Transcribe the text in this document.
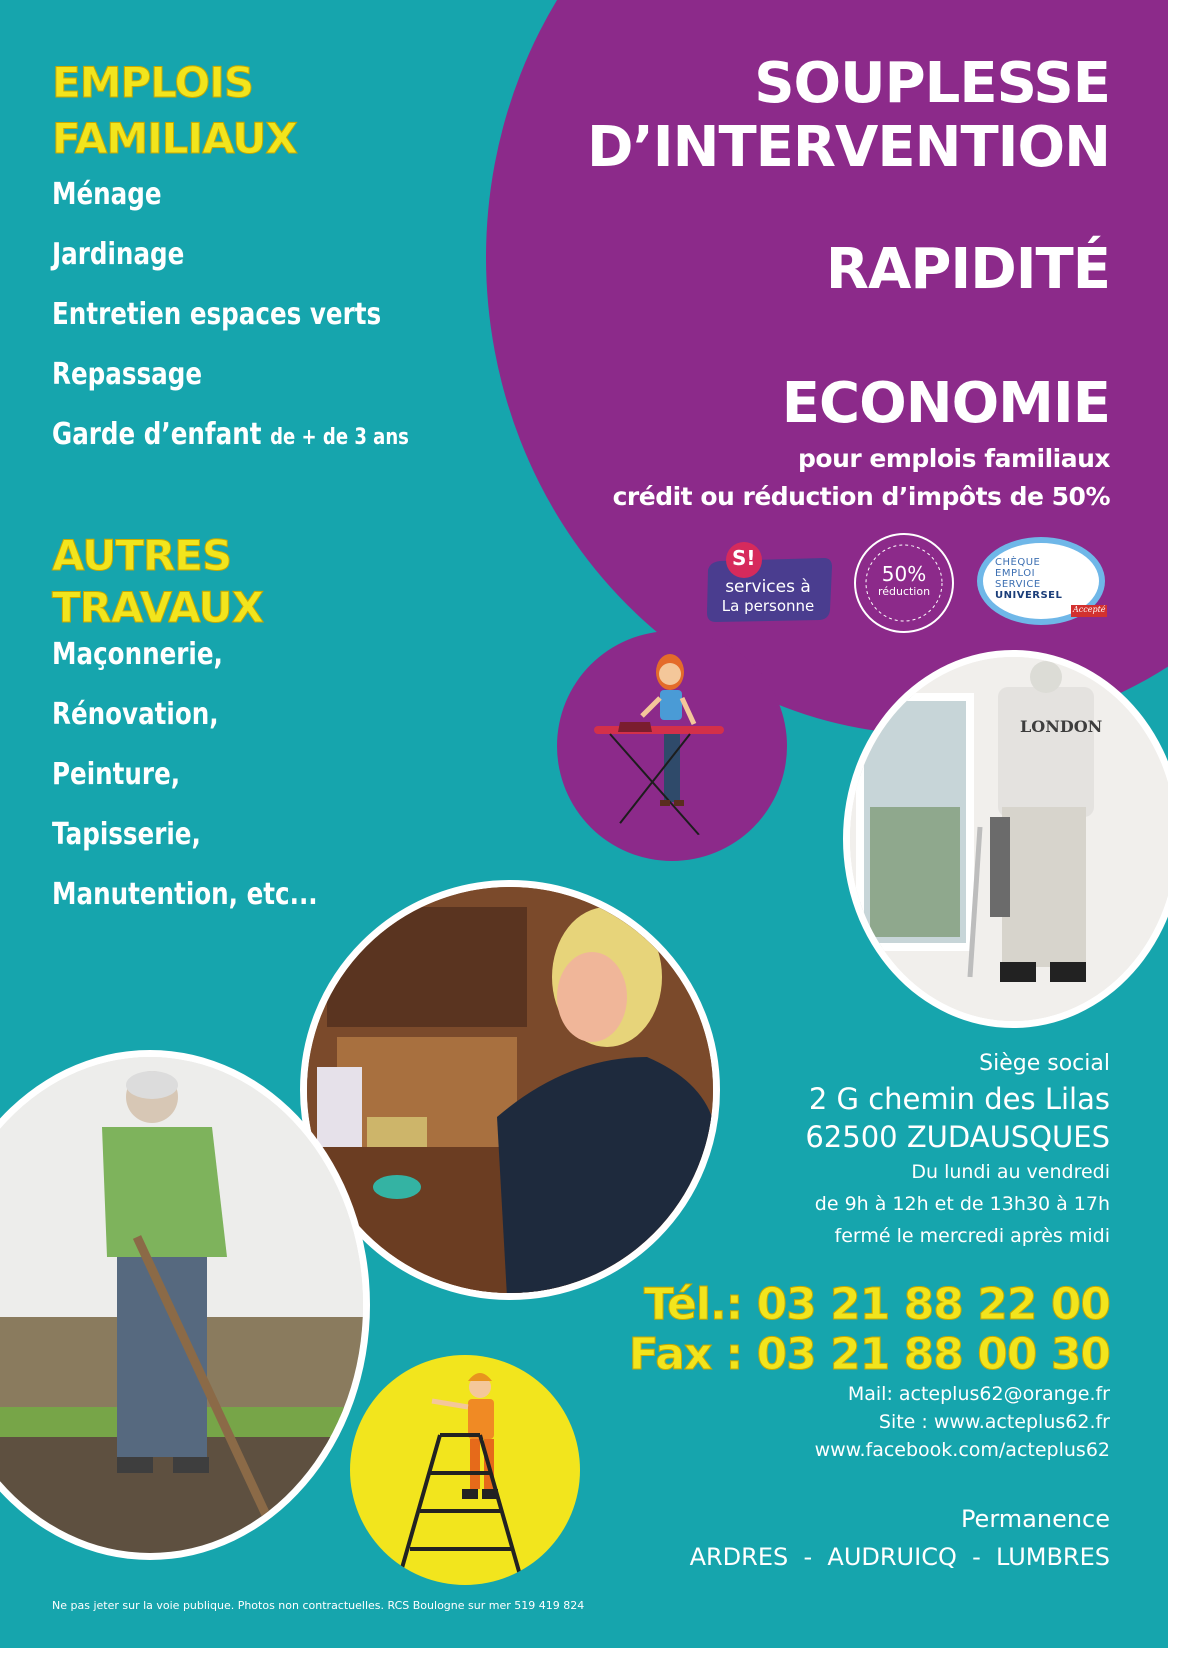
EMPLOIS
FAMILIAUX
Ménage
Jardinage
Entretien espaces verts
Repassage
Garde d’enfant de + de 3 ans
AUTRES
TRAVAUX
Maçonnerie,
Rénovation,
Peinture,
Tapisserie,
Manutention, etc...
SOUPLESSE
D’INTERVENTION
RAPIDITÉ
ECONOMIE
pour emplois familiaux
crédit ou réduction d’impôts de 50%
S!
services à
La personne
50%
réduction
CHÈQUE
EMPLOI
SERVICE
UNIVERSEL
Accepté
LONDON
Siège social
2 G chemin des Lilas
62500 ZUDAUSQUES
Du lundi au vendredi
de 9h à 12h et de 13h30 à 17h
fermé le mercredi après midi
Tél.: 03 21 88 22 00
Fax : 03 21 88 00 30
Mail: acteplus62@orange.fr
Site : www.acteplus62.fr
www.facebook.com/acteplus62
Permanence
ARDRES  -  AUDRUICQ  -  LUMBRES
Ne pas jeter sur la voie publique. Photos non contractuelles. RCS Boulogne sur mer 519 419 824
